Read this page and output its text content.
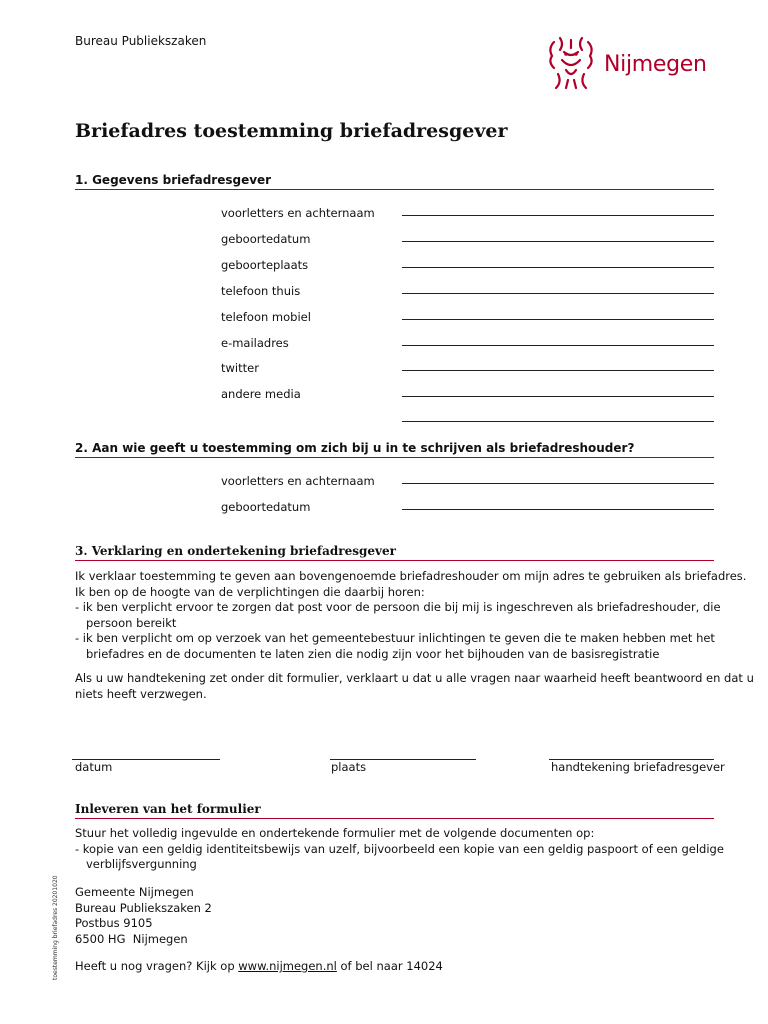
Bureau Publiekszaken
Nijmegen
Briefadres toestemming briefadresgever
1. Gegevens briefadresgever
voorletters en achternaam
geboortedatum
geboorteplaats
telefoon thuis
telefoon mobiel
e-mailadres
twitter
andere media
2. Aan wie geeft u toestemming om zich bij u in te schrijven als briefadreshouder?
voorletters en achternaam
geboortedatum
3. Verklaring en ondertekening briefadresgever
Ik verklaar toestemming te geven aan bovengenoemde briefadreshouder om mijn adres te gebruiken als briefadres.
Ik ben op de hoogte van de verplichtingen die daarbij horen:
- ik ben verplicht ervoor te zorgen dat post voor de persoon die bij mij is ingeschreven als briefadreshouder, die
persoon bereikt
- ik ben verplicht om op verzoek van het gemeentebestuur inlichtingen te geven die te maken hebben met het
briefadres en de documenten te laten zien die nodig zijn voor het bijhouden van de basisregistratie
Als u uw handtekening zet onder dit formulier, verklaart u dat u alle vragen naar waarheid heeft beantwoord en dat u
niets heeft verzwegen.
datum	plaats	handtekening briefadresgever
Inleveren van het formulier
Stuur het volledig ingevulde en ondertekende formulier met de volgende documenten op:
- kopie van een geldig identiteitsbewijs van uzelf, bijvoorbeeld een kopie van een geldig paspoort of een geldige
verblijfsvergunning
Gemeente Nijmegen
Bureau Publiekszaken 2
Postbus 9105
6500 HG  Nijmegen
Heeft u nog vragen? Kijk op www.nijmegen.nl of bel naar 14024
toestemming briefadres 20201020
